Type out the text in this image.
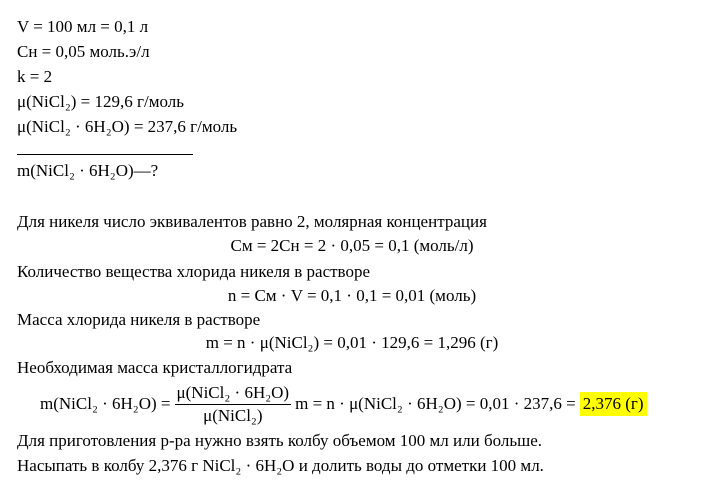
V = 100 мл = 0,1 л
Cн = 0,05 моль.э/л
k = 2
μ(NiCl₂) = 129,6 г/моль
μ(NiCl₂ · 6H₂O) = 237,6 г/моль
m(NiCl₂ · 6H₂O)—?
Для никеля число эквивалентов равно 2, молярная концентрация
Cм = 2Cн = 2 · 0,05 = 0,1 (моль/л)
Количество вещества хлорида никеля в растворе
n = Cм · V = 0,1 · 0,1 = 0,01 (моль)
Масса хлорида никеля в растворе
m = n · μ(NiCl₂) = 0,01 · 129,6 = 1,296 (г)
Необходимая масса кристаллогидрата
m(NiCl₂ · $6H_2O) = \frac{\text{μ(NiCl₂ · 6H₂O)}}{\text{μ(NiCl₂)}}$ m = n · μ(NiCl₂ · 6H₂O) = 0,01 · 237,6 = 2,376 (г)
Для приготовления р-ра нужно взять колбу объемом 100 мл или больше.
Насыпать в колбу 2,376 г NiCl₂ · 6H₂O и долить воды до отметки 100 мл.
